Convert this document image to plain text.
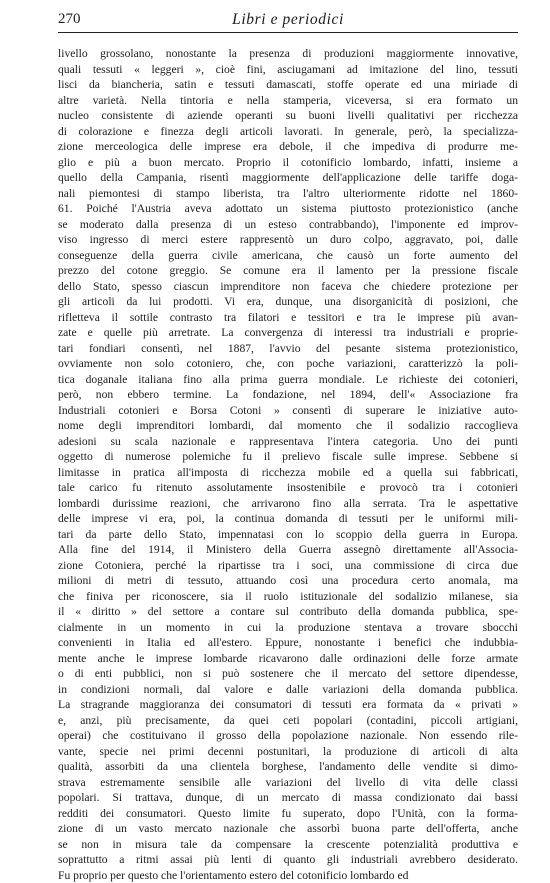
270	Libri e periodici
livello grossolano, nonostante la presenza di produzioni maggiormente innovative,
quali tessuti « leggeri », cioè fini, asciugamani ad imitazione del lino, tessuti
lisci da biancheria, satin e tessuti damascati, stoffe operate ed una miriade di
altre varietà. Nella tintoria e nella stamperia, viceversa, si era formato un
nucleo consistente di aziende operanti su buoni livelli qualitativi per ricchezza
di colorazione e finezza degli articoli lavorati. In generale, però, la specializza-
zione merceologica delle imprese era debole, il che impediva di produrre me-
glio e più a buon mercato. Proprio il cotonificio lombardo, infatti, insieme a
quello della Campania, risentì maggiormente dell'applicazione delle tariffe doga-
nali piemontesi di stampo liberista, tra l'altro ulteriormente ridotte nel 1860-
61. Poiché l'Austria aveva adottato un sistema piuttosto protezionistico (anche
se moderato dalla presenza di un esteso contrabbando), l'imponente ed improv-
viso ingresso di merci estere rappresentò un duro colpo, aggravato, poi, dalle
conseguenze della guerra civile americana, che causò un forte aumento del
prezzo del cotone greggio. Se comune era il lamento per la pressione fiscale
dello Stato, spesso ciascun imprenditore non faceva che chiedere protezione per
gli articoli da lui prodotti. Vi era, dunque, una disorganicità di posizioni, che
rifletteva il sottile contrasto tra filatori e tessitori e tra le imprese più avan-
zate e quelle più arretrate. La convergenza di interessi tra industriali e proprie-
tari fondiari consentì, nel 1887, l'avvio del pesante sistema protezionistico,
ovviamente non solo cotoniero, che, con poche variazioni, caratterizzò la poli-
tica doganale italiana fino alla prima guerra mondiale. Le richieste dei cotonieri,
però, non ebbero termine. La fondazione, nel 1894, dell'« Associazione fra
Industriali cotonieri e Borsa Cotoni » consentì di superare le iniziative auto-
nome degli imprenditori lombardi, dal momento che il sodalizio raccoglieva
adesioni su scala nazionale e rappresentava l'intera categoria. Uno dei punti
oggetto di numerose polemiche fu il prelievo fiscale sulle imprese. Sebbene si
limitasse in pratica all'imposta di ricchezza mobile ed a quella sui fabbricati,
tale carico fu ritenuto assolutamente insostenibile e provocò tra i cotonieri
lombardi durissime reazioni, che arrivarono fino alla serrata. Tra le aspettative
delle imprese vi era, poi, la continua domanda di tessuti per le uniformi mili-
tari da parte dello Stato, impennatasi con lo scoppio della guerra in Europa.
Alla fine del 1914, il Ministero della Guerra assegnò direttamente all'Associa-
zione Cotoniera, perché la ripartisse tra i soci, una commissione di circa due
milioni di metri di tessuto, attuando così una procedura certo anomala, ma
che finiva per riconoscere, sia il ruolo istituzionale del sodalizio milanese, sia
il « diritto » del settore a contare sul contributo della domanda pubblica, spe-
cialmente in un momento in cui la produzione stentava a trovare sbocchi
convenienti in Italia ed all'estero. Eppure, nonostante i benefici che indubbia-
mente anche le imprese lombarde ricavarono dalle ordinazioni delle forze armate
o di enti pubblici, non si può sostenere che il mercato del settore dipendesse,
in condizioni normali, dal valore e dalle variazioni della domanda pubblica.
La stragrande maggioranza dei consumatori di tessuti era formata da « privati »
e, anzi, più precisamente, da quei ceti popolari (contadini, piccoli artigiani,
operai) che costituivano il grosso della popolazione nazionale. Non essendo rile-
vante, specie nei primi decenni postunitari, la produzione di articoli di alta
qualità, assorbiti da una clientela borghese, l'andamento delle vendite si dimo-
strava estremamente sensibile alle variazioni del livello di vita delle classi
popolari. Si trattava, dunque, di un mercato di massa condizionato dai bassi
redditi dei consumatori. Questo limite fu superato, dopo l'Unità, con la forma-
zione di un vasto mercato nazionale che assorbì buona parte dell'offerta, anche
se non in misura tale da compensare la crescente potenzialità produttiva e
soprattutto a ritmi assai più lenti di quanto gli industriali avrebbero desiderato.
Fu proprio per questo che l'orientamento estero del cotonificio lombardo ed
